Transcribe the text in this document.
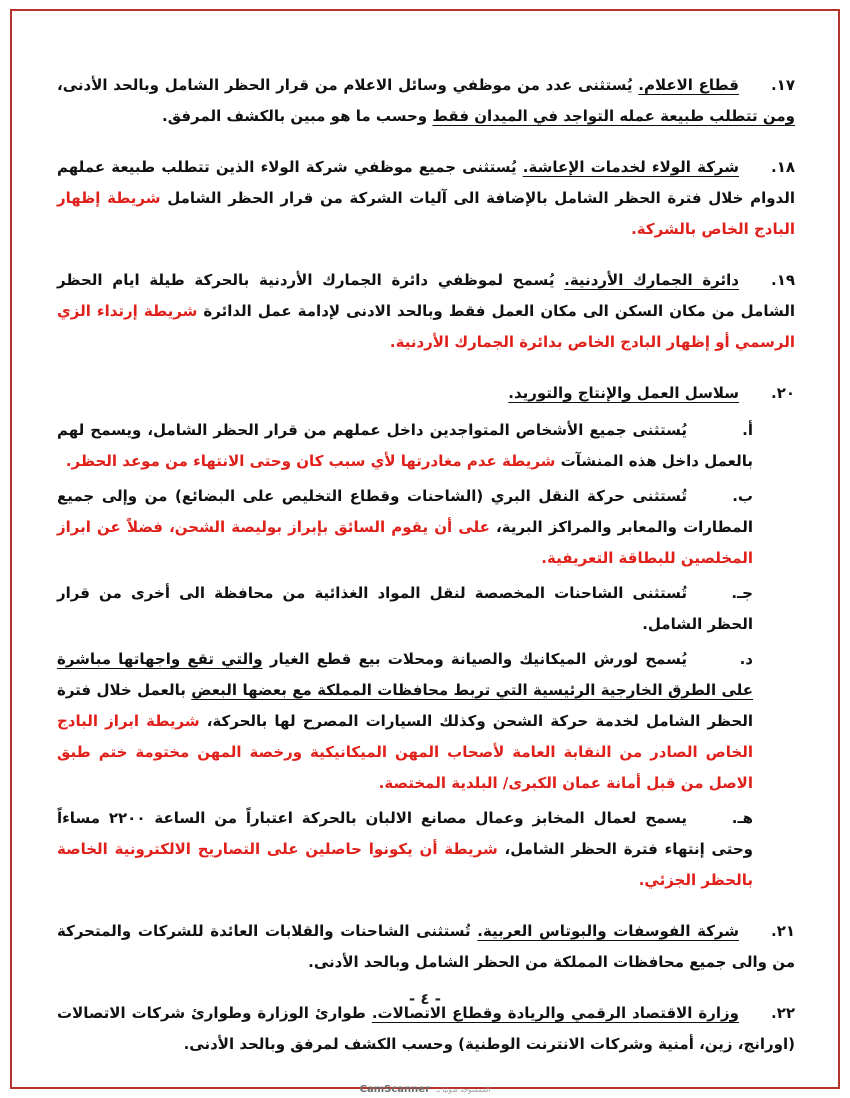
١٧.قطاع الاعلام. يُستثنى عدد من موظفي وسائل الاعلام من قرار الحظر الشامل وبالحد الأدنى، ومن تتطلب طبيعة عمله التواجد في الميدان فقط وحسب ما هو مبين بالكشف المرفق.
١٨.شركة الولاء لخدمات الإعاشة. يُستثنى جميع موظفي شركة الولاء الذين تتطلب طبيعة عملهم الدوام خلال فترة الحظر الشامل بالإضافة الى آليات الشركة من قرار الحظر الشامل شريطة إظهار البادج الخاص بالشركة.
١٩.دائرة الجمارك الأردنية. يُسمح لموظفي دائرة الجمارك الأردنية بالحركة طيلة ايام الحظر الشامل من مكان السكن الى مكان العمل فقط وبالحد الادنى لإدامة عمل الدائرة شريطة إرتداء الزي الرسمي أو إظهار البادج الخاص بدائرة الجمارك الأردنية.
٢٠.سلاسل العمل والإنتاج والتوريد.
أ.يُستثنى جميع الأشخاص المتواجدين داخل عملهم من قرار الحظر الشامل، ويسمح لهم بالعمل داخل هذه المنشآت شريطة عدم مغادرتها لأي سبب كان وحتى الانتهاء من موعد الحظر.
ب.تُستثنى حركة النقل البري (الشاحنات وقطاع التخليص على البضائع) من وإلى جميع المطارات والمعابر والمراكز البرية، على أن يقوم السائق بإبراز بوليصة الشحن، فضلاً عن ابراز المخلصين للبطاقة التعريفية.
جـ.تُستثنى الشاحنات المخصصة لنقل المواد الغذائية من محافظة الى أخرى من قرار الحظر الشامل.
د.يُسمح لورش الميكانيك والصيانة ومحلات بيع قطع الغيار والتي تقع واجهاتها مباشرة على الطرق الخارجية الرئيسية التي تربط محافظات المملكة مع بعضها البعض بالعمل خلال فترة الحظر الشامل لخدمة حركة الشحن وكذلك السيارات المصرح لها بالحركة، شريطة ابراز البادج الخاص الصادر من النقابة العامة لأصحاب المهن الميكانيكية ورخصة المهن مختومة ختم طبق الاصل من قبل أمانة عمان الكبرى/ البلدية المختصة.
هـ.يسمح لعمال المخابز وعمال مصانع الالبان بالحركة اعتباراً من الساعة ٢٢٠٠ مساءاً وحتى إنتهاء فترة الحظر الشامل، شريطة أن يكونوا حاصلين على التصاريح الالكترونية الخاصة بالحظر الجزئي.
٢١.شركة الفوسفات والبوتاس العربية. تُستثنى الشاحنات والقلابات العائدة للشركات والمتحركة من والى جميع محافظات المملكة من الحظر الشامل وبالحد الأدنى.
٢٢.وزارة الاقتصاد الرقمي والريادة وقطاع الاتصالات. طوارئ الوزارة وطوارئ شركات الاتصالات (اورانج، زين، أمنية وشركات الانترنت الوطنية) وحسب الكشف لمرفق وبالحد الأدنى.
- ٤ -
الممسوحة ضوئيا بـ
CamScanner
